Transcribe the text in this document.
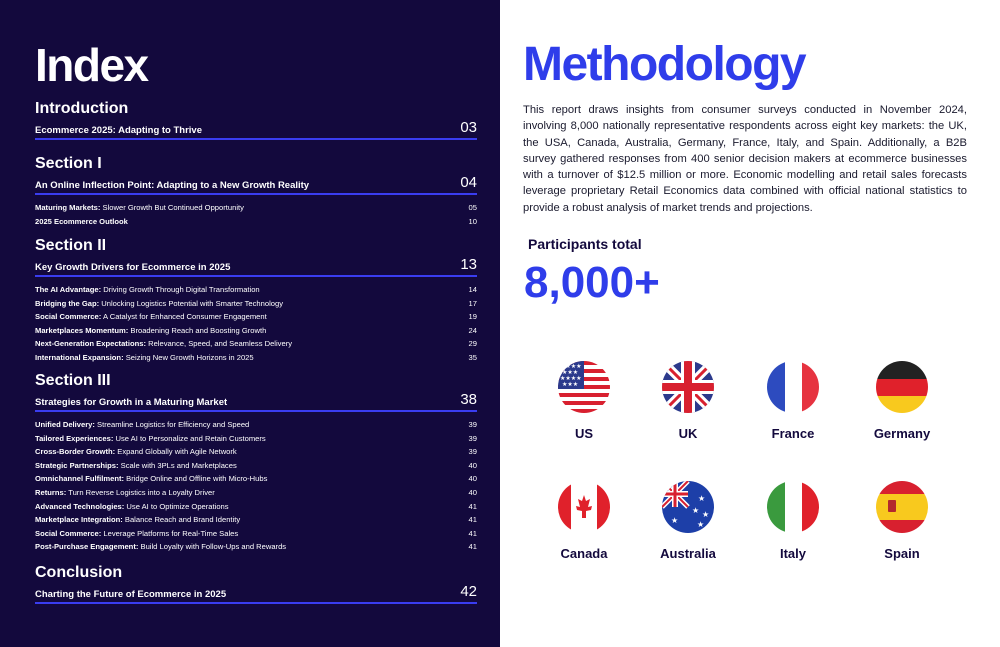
Index
Introduction
Ecommerce 2025: Adapting to Thrive	03
Section I
An Online Inflection Point: Adapting to a New Growth Reality	04
Maturing Markets: Slower Growth But Continued Opportunity	05
2025 Ecommerce Outlook	10
Section II
Key Growth Drivers for Ecommerce in 2025	13
The AI Advantage: Driving Growth Through Digital Transformation	14
Bridging the Gap: Unlocking Logistics Potential with Smarter Technology	17
Social Commerce: A Catalyst for Enhanced Consumer Engagement	19
Marketplaces Momentum: Broadening Reach and Boosting Growth	24
Next-Generation Expectations: Relevance, Speed, and Seamless Delivery	29
International Expansion: Seizing New Growth Horizons in 2025	35
Section III
Strategies for Growth in a Maturing Market	38
Unified Delivery: Streamline Logistics for Efficiency and Speed	39
Tailored Experiences: Use AI to Personalize and Retain Customers	39
Cross-Border Growth: Expand Globally with Agile Network	39
Strategic Partnerships: Scale with 3PLs and Marketplaces	40
Omnichannel Fulfilment: Bridge Online and Offline with Micro-Hubs	40
Returns: Turn Reverse Logistics into a Loyalty Driver	40
Advanced Technologies: Use AI to Optimize Operations	41
Marketplace Integration: Balance Reach and Brand Identity	41
Social Commerce: Leverage Platforms for Real-Time Sales	41
Post-Purchase Engagement: Build Loyalty with Follow-Ups and Rewards	41
Conclusion
Charting the Future of Ecommerce in 2025	42
Methodology

This report draws insights from consumer surveys conducted in November 2024, involving 8,000 nationally representative respondents across eight key markets: the UK, the USA, Canada, Australia, Germany, France, Italy, and Spain. Additionally, a B2B survey gathered responses from 400 senior decision makers at ecommerce businesses with a turnover of $12.5 million or more. Economic modelling and retail sales forecasts leverage proprietary Retail Economics data combined with official national statistics to provide a robust analysis of market trends and projections.

Participants total
8,000+
★★★★
★★★
★★★★
★★★
US	UK	France	Germany
★
★
★ ★
★
Canada	Australia	Italy	Spain
